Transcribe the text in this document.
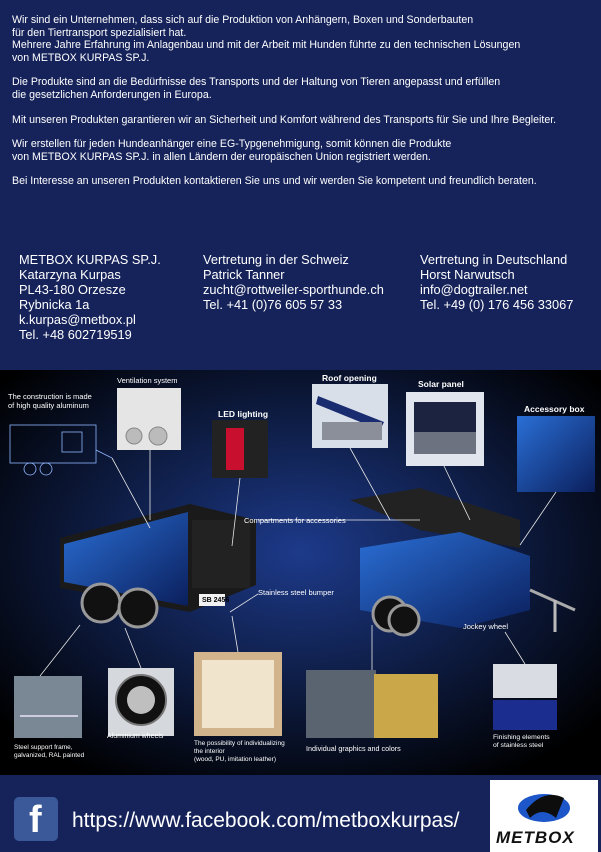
Wir sind ein Unternehmen, dass sich auf die Produktion von Anhängern, Boxen und Sonderbauten
für den Tiertransport spezialisiert hat.
Mehrere Jahre Erfahrung im Anlagenbau und mit der Arbeit mit Hunden führte zu den technischen Lösungen
von METBOX KURPAS SP.J.

Die Produkte sind an die Bedürfnisse des Transports und der Haltung von Tieren angepasst und erfüllen
die gesetzlichen Anforderungen in Europa.

Mit unseren Produkten garantieren wir an Sicherheit und Komfort während des Transports für Sie und Ihre Begleiter.

Wir erstellen für jeden Hundeanhänger eine EG-Typgenehmigung, somit können die Produkte
von METBOX KURPAS SP.J. in allen Ländern der europäischen Union registriert werden.

Bei Interesse an unseren Produkten kontaktieren Sie uns und wir werden Sie kompetent und freundlich beraten.

METBOX KURPAS SP.J.
Katarzyna Kurpas
PL43-180 Orzesze
Rybnicka 1a
k.kurpas@metbox.pl
Tel. +48 602719519
Vertretung in der Schweiz
Patrick Tanner
zucht@rottweiler-sporthunde.ch
Tel. +41 (0)76 605 57 33
Vertretung in Deutschland
Horst Narwutsch
info@dogtrailer.net
Tel. +49 (0) 176 456 33067
The construction is made
of high quality aluminum
Ventilation system
LED lighting
Roof opening
Solar panel
Accessory box
Compartments for accessories
Stainless steel bumper
SB 2456
Jockey wheel
Steel support frame,
galvanized, RAL painted
Aluminium wheels
The possibility of individualizing
the interior
(wood, PU, imitation leather)
Individual graphics and colors
Finishing elements
of stainless steel
f https://www.facebook.com/metboxkurpas/
METBOX
